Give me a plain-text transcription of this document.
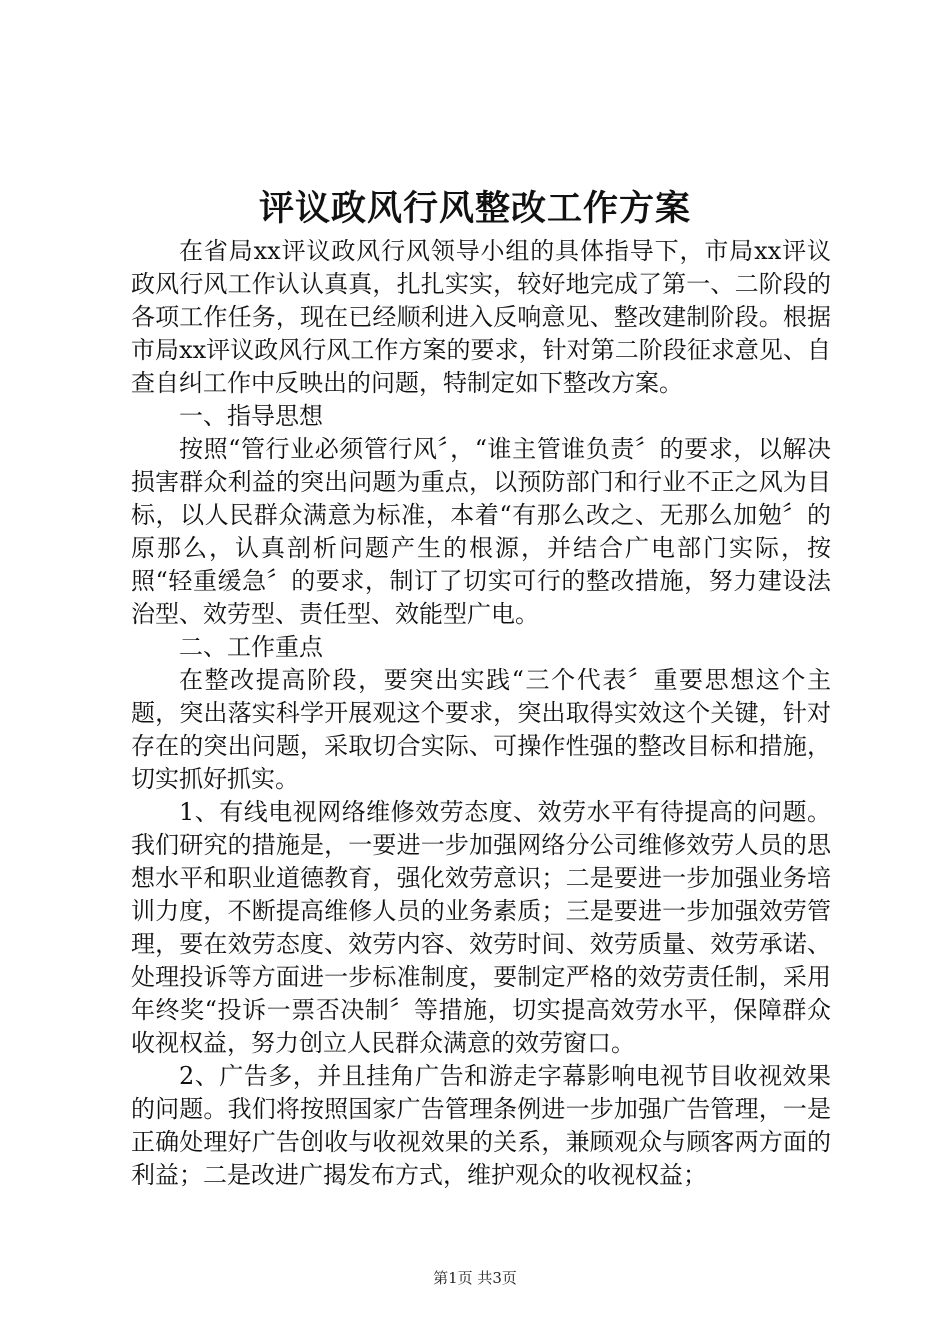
评议政风行风整改工作方案

在省局xx评议政风行风领导小组的具体指导下，市局xx评议政风行风工作认认真真，扎扎实实，较好地完成了第一、二阶段的各项工作任务，现在已经顺利进入反响意见、整改建制阶段。根据市局xx评议政风行风工作方案的要求，针对第二阶段征求意见、自查自纠工作中反映出的问题，特制定如下整改方案。

一、指导思想

按照“管行业必须管行风〞，“谁主管谁负责〞的要求，以解决损害群众利益的突出问题为重点，以预防部门和行业不正之风为目标，以人民群众满意为标准，本着“有那么改之、无那么加勉〞的原那么，认真剖析问题产生的根源，并结合广电部门实际，按照“轻重缓急〞的要求，制订了切实可行的整改措施，努力建设法治型、效劳型、责任型、效能型广电。

二、工作重点

在整改提高阶段，要突出实践“三个代表〞重要思想这个主题，突出落实科学开展观这个要求，突出取得实效这个关键，针对存在的突出问题，采取切合实际、可操作性强的整改目标和措施，切实抓好抓实。

1、有线电视网络维修效劳态度、效劳水平有待提高的问题。我们研究的措施是，一要进一步加强网络分公司维修效劳人员的思想水平和职业道德教育，强化效劳意识；二是要进一步加强业务培训力度，不断提高维修人员的业务素质；三是要进一步加强效劳管理，要在效劳态度、效劳内容、效劳时间、效劳质量、效劳承诺、处理投诉等方面进一步标准制度，要制定严格的效劳责任制，采用年终奖“投诉一票否决制〞等措施，切实提高效劳水平，保障群众收视权益，努力创立人民群众满意的效劳窗口。

2、广告多，并且挂角广告和游走字幕影响电视节目收视效果的问题。我们将按照国家广告管理条例进一步加强广告管理，一是正确处理好广告创收与收视效果的关系，兼顾观众与顾客两方面的利益；二是改进广揭发布方式，维护观众的收视权益；

第1页 共3页
